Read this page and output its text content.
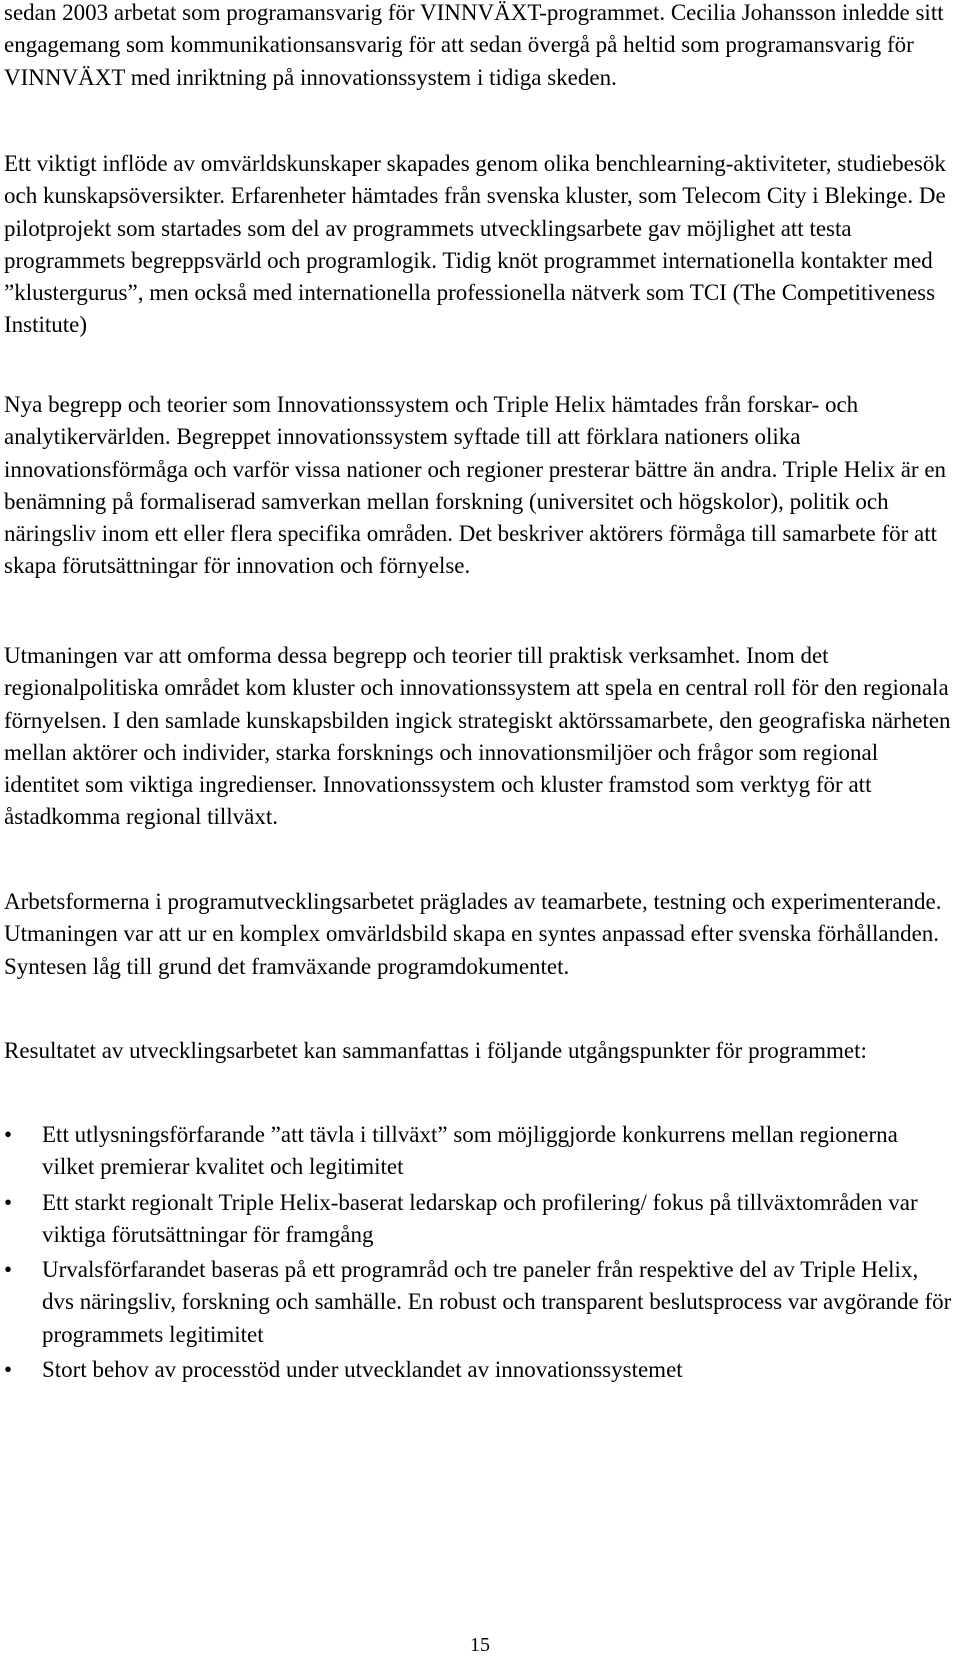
sedan 2003 arbetat som programansvarig för VINNVÄXT-programmet. Cecilia Johansson inledde sitt engagemang som kommunikationsansvarig för att sedan övergå på heltid som programansvarig för VINNVÄXT med inriktning på innovationssystem i tidiga skeden.

Ett viktigt inflöde av omvärldskunskaper skapades genom olika benchlearning-aktiviteter, studiebesök och kunskapsöversikter. Erfarenheter hämtades från svenska kluster, som Telecom City i Blekinge. De pilotprojekt som startades som del av programmets utvecklingsarbete gav möjlighet att testa programmets begreppsvärld och programlogik. Tidig knöt programmet internationella kontakter med ”klustergurus”, men också med internationella professionella nätverk som TCI (The Competitiveness Institute)

Nya begrepp och teorier som Innovationssystem och Triple Helix hämtades från forskar- och analytikervärlden. Begreppet innovationssystem syftade till att förklara nationers olika innovationsförmåga och varför vissa nationer och regioner presterar bättre än andra. Triple Helix är en benämning på formaliserad samverkan mellan forskning (universitet och högskolor), politik och näringsliv inom ett eller flera specifika områden. Det beskriver aktörers förmåga till samarbete för att skapa förutsättningar för innovation och förnyelse.

Utmaningen var att omforma dessa begrepp och teorier till praktisk verksamhet. Inom det regionalpolitiska området kom kluster och innovationssystem att spela en central roll för den regionala förnyelsen. I den samlade kunskapsbilden ingick strategiskt aktörssamarbete, den geografiska närheten mellan aktörer och individer, starka forsknings och innovationsmiljöer och frågor som regional identitet som viktiga ingredienser. Innovationssystem och kluster framstod som verktyg för att åstadkomma regional tillväxt.

Arbetsformerna i programutvecklingsarbetet präglades av teamarbete, testning och experimenterande. Utmaningen var att ur en komplex omvärldsbild skapa en syntes anpassad efter svenska förhållanden. Syntesen låg till grund det framväxande programdokumentet.

Resultatet av utvecklingsarbetet kan sammanfattas i följande utgångspunkter för programmet:

• Ett utlysningsförfarande ”att tävla i tillväxt” som möjliggjorde konkurrens mellan regionerna vilket premierar kvalitet och legitimitet
• Ett starkt regionalt Triple Helix-baserat ledarskap och profilering/ fokus på tillväxtområden var viktiga förutsättningar för framgång
• Urvalsförfarandet baseras på ett programråd och tre paneler från respektive del av Triple Helix, dvs näringsliv, forskning och samhälle. En robust och transparent beslutsprocess var avgörande för programmets legitimitet
• Stort behov av processtöd under utvecklandet av innovationssystemet
15
